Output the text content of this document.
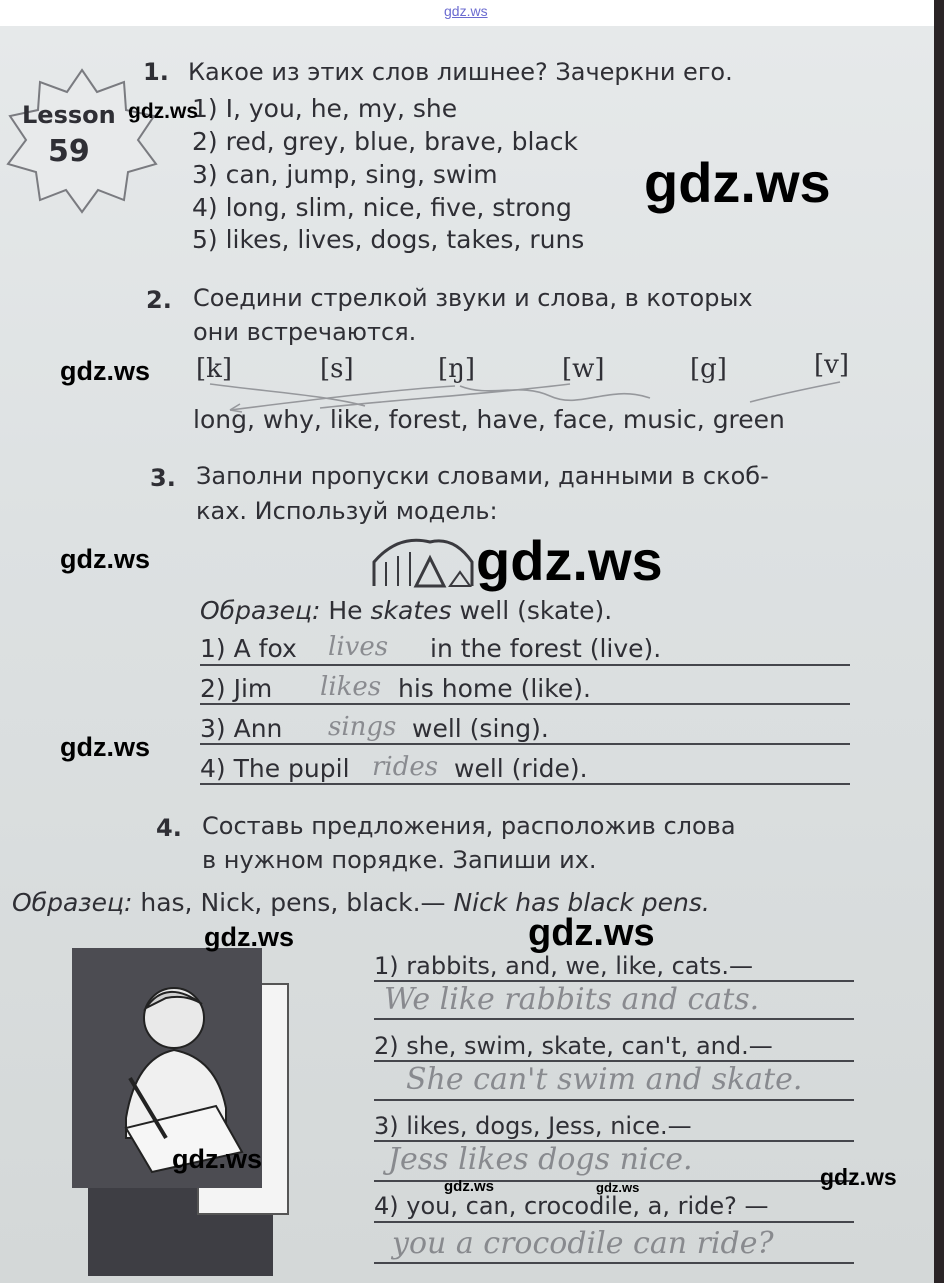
gdz.ws
Lesson
59
1. Какое из этих слов лишнее? Зачеркни его.
1) I, you, he, my, she
2) red, grey, blue, brave, black
3) can, jump, sing, swim
4) long, slim, nice, five, strong
5) likes, lives, dogs, takes, runs
2. Соедини стрелкой звуки и слова, в которых
они встречаются.
[k]	[s]	[ŋ]	[w]	[g]	[v]
long, why, like, forest, have, face, music, green
3. Заполни пропуски словами, данными в скоб-
ках. Используй модель:
Образец: He skates well (skate).
1) A fox lives in the forest (live).
2) Jim likes his home (like).
3) Ann sings well (sing).
4) The pupil rides well (ride).
4. Составь предложения, расположив слова
в нужном порядке. Запиши их.
Образец: has, Nick, pens, black.— Nick has black pens.
1) rabbits, and, we, like, cats.—
We like rabbits and cats.
2) she, swim, skate, can't, and.—
She can't swim and skate.
3) likes, dogs, Jess, nice.—
Jess likes dogs nice.
4) you, can, crocodile, a, ride? —
you a crocodile can ride?
gdz.ws
gdz.ws
gdz.ws
gdz.ws	gdz.ws
gdz.ws
gdz.ws	gdz.ws
gdz.ws
gdz.ws
gdz.ws	gdz.ws
